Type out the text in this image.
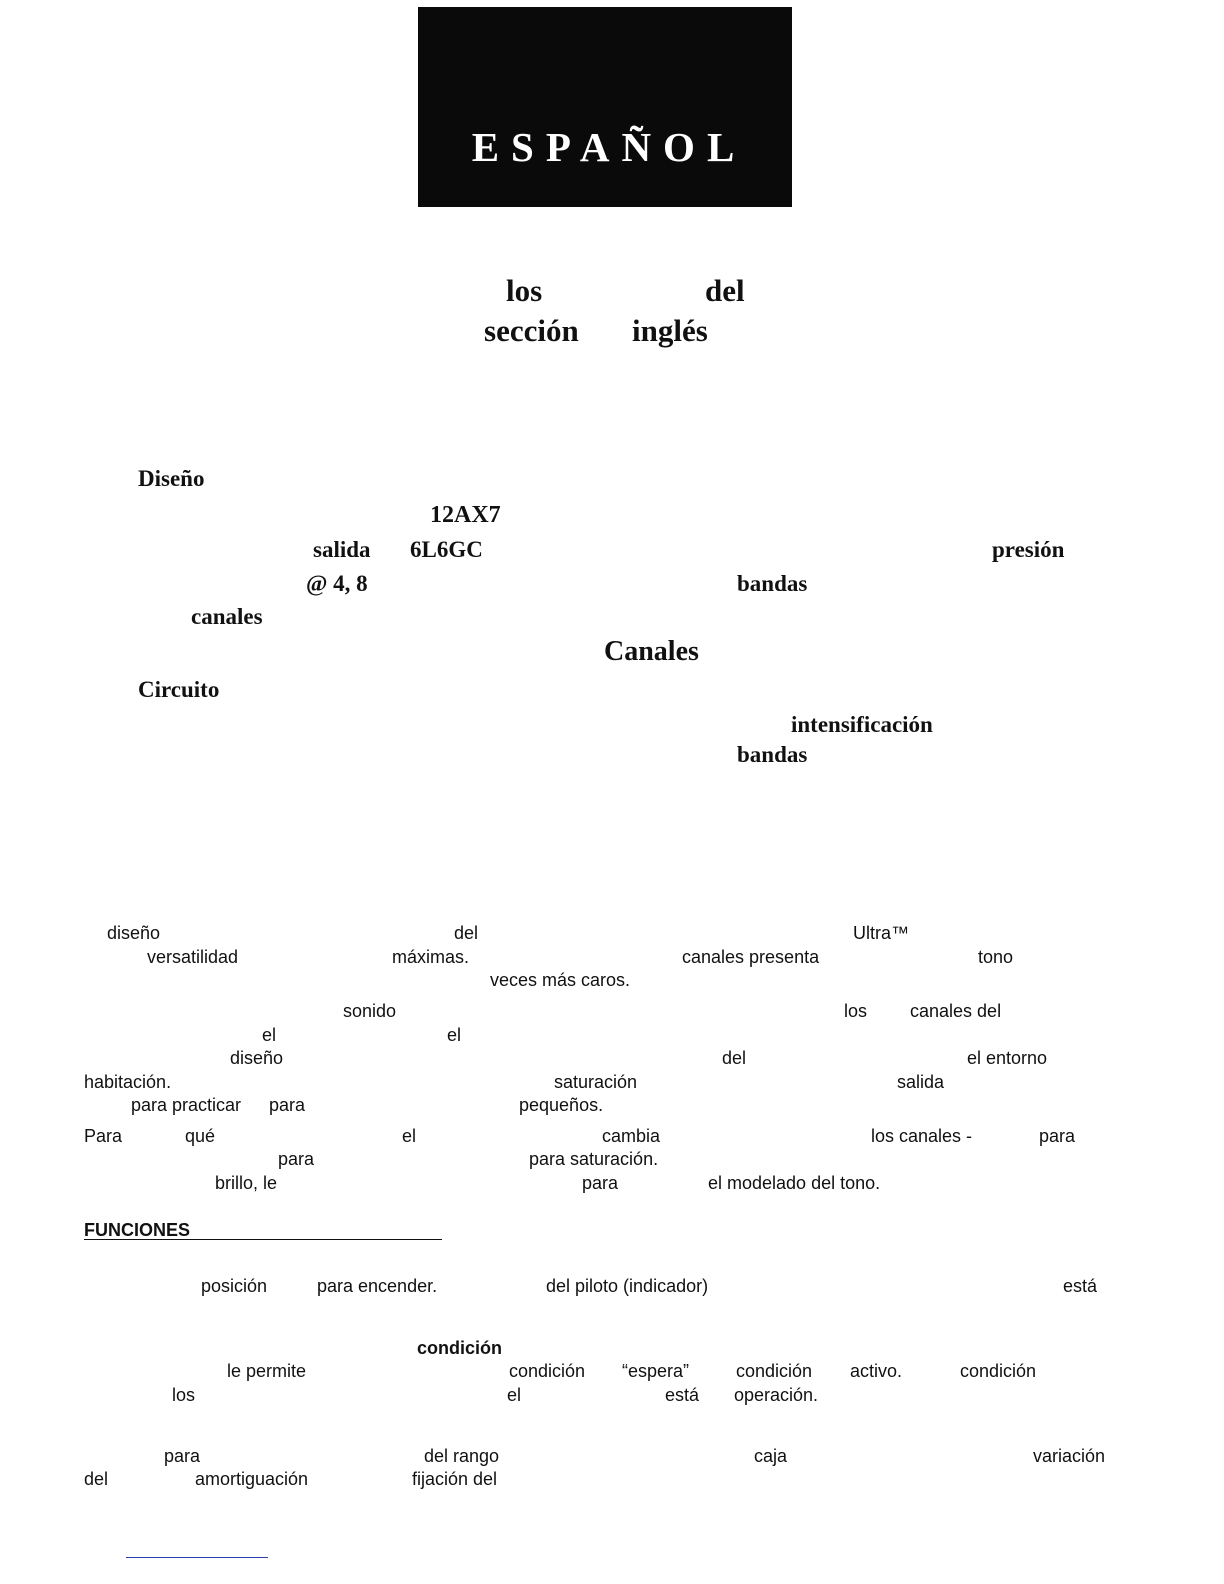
ESPAÑOL
los	del
sección inglés
Diseño
12AX7
salida 6L6GC	presión
@ 4, 8	bandas
canales
Canales
Circuito
intensificación
bandas
diseño	del	Ultra™
versatilidad	máximas.	canales presenta	tono
veces más caros.
sonido	los canales del
el	el
diseño	del	el entorno
habitación.	saturación	salida
para practicar para	pequeños.
Para	qué	el	cambia	los canales -	para
para	para saturación.
brillo, le	para	el modelado del tono.
FUNCIONES
posición	para encender.	del piloto (indicador)	está
condición
le permite	condición “espera”	condición activo.	condición
los	el	está operación.
para	del rango	caja	variación
del	amortiguación	fijación del
